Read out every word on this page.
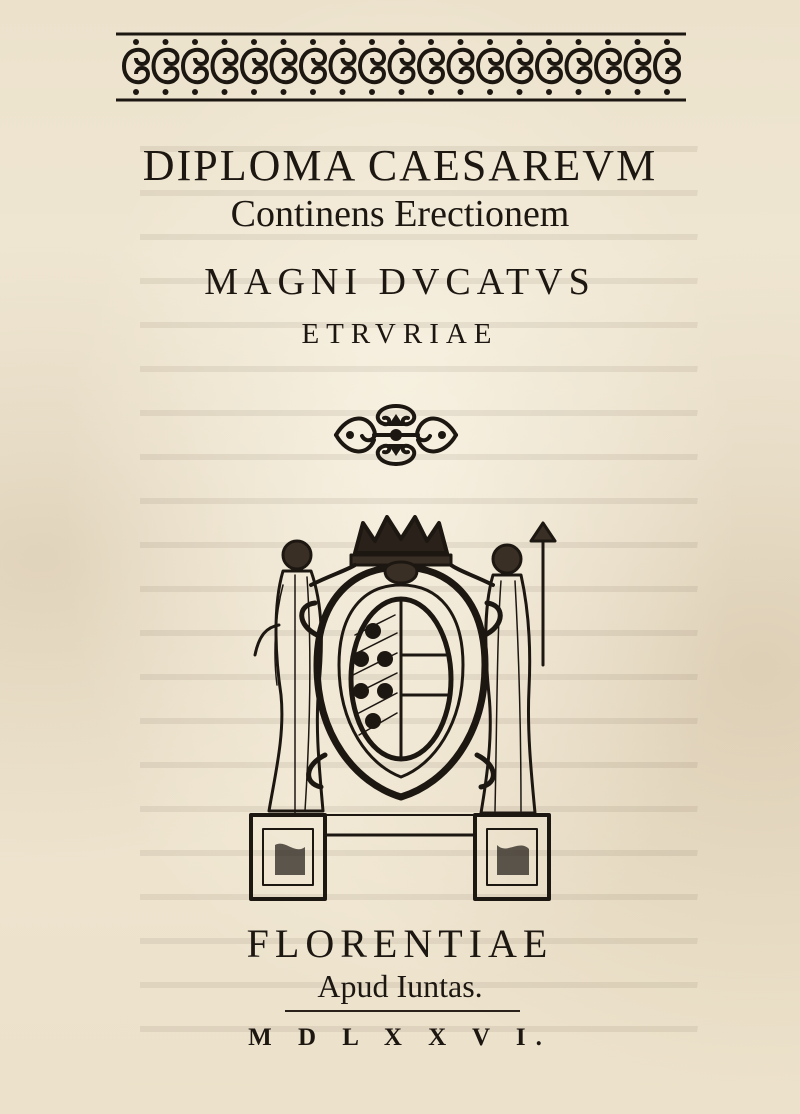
DIPLOMA CAESAREVM
Continens Erectionem
MAGNI DVCATVS
ETRVRIAE
FLORENTIAE
Apud Iuntas.
M D L X X V I.
